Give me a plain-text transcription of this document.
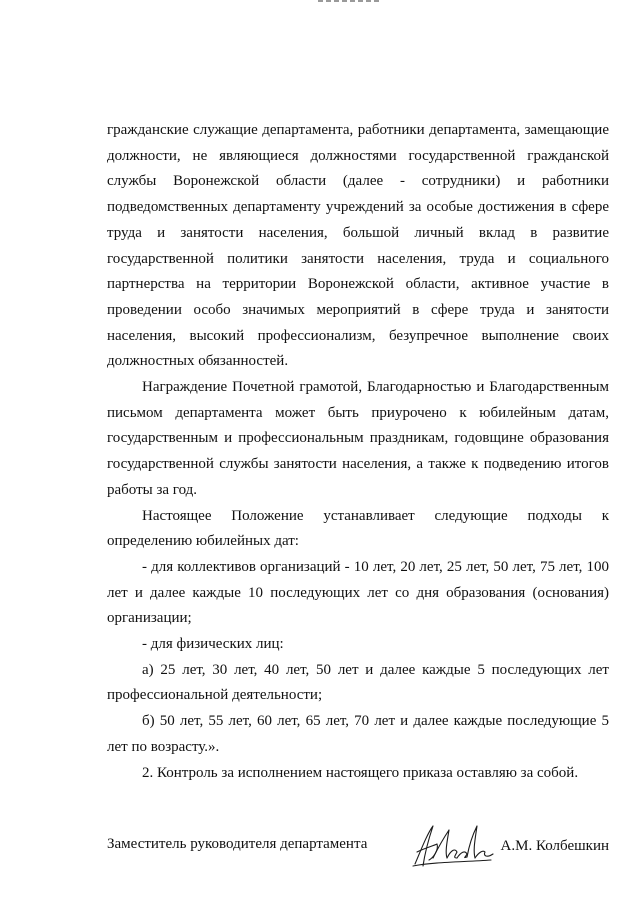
гражданские служащие департамента, работники департамента, замещающие должности, не являющиеся должностями государственной гражданской службы Воронежской области (далее - сотрудники) и работники подведомственных департаменту учреждений за особые достижения в сфере труда и занятости населения, большой личный вклад в развитие государственной политики занятости населения, труда и социального партнерства на территории Воронежской области, активное участие в проведении особо значимых мероприятий в сфере труда и занятости населения, высокий профессионализм, безупречное выполнение своих должностных обязанностей.

Награждение Почетной грамотой, Благодарностью и Благодарственным письмом департамента может быть приурочено к юбилейным датам, государственным и профессиональным праздникам, годовщине образования государственной службы занятости населения, а также к подведению итогов работы за год.

Настоящее Положение устанавливает следующие подходы к определению юбилейных дат:

- для коллективов организаций - 10 лет, 20 лет, 25 лет, 50 лет, 75 лет, 100 лет и далее каждые 10 последующих лет со дня образования (основания) организации;

- для физических лиц:

а) 25 лет, 30 лет, 40 лет, 50 лет и далее каждые 5 последующих лет профессиональной деятельности;

б) 50 лет, 55 лет, 60 лет, 65 лет, 70 лет и далее каждые последующие 5 лет по возрасту.».

2. Контроль за исполнением настоящего приказа оставляю за собой.

Заместитель руководителя департамента	А.М. Колбешкин
